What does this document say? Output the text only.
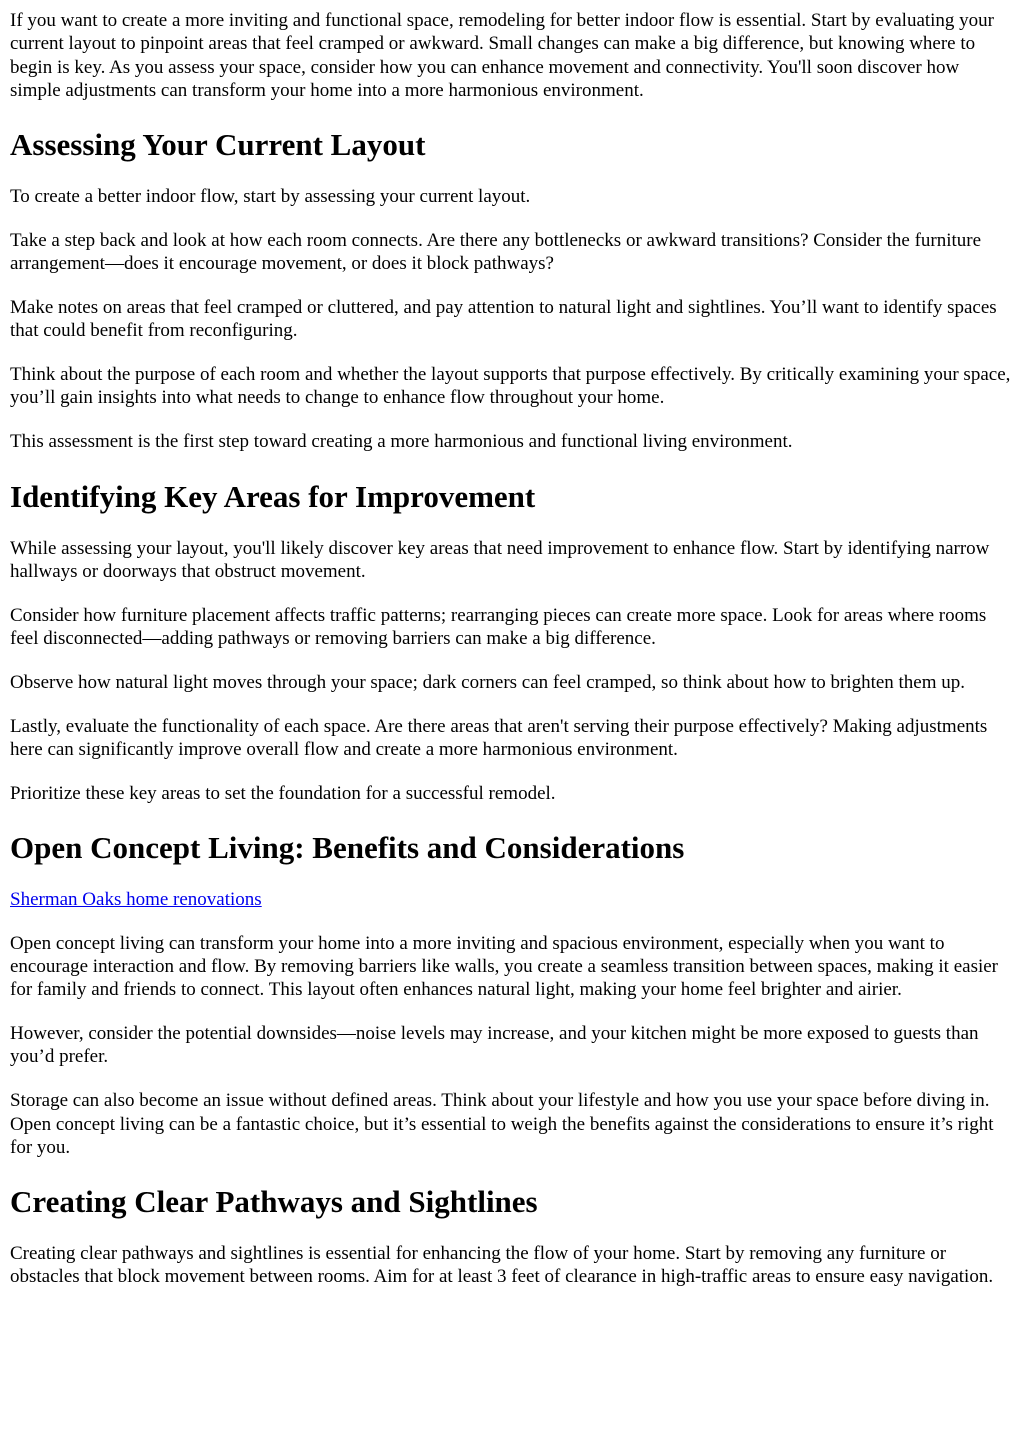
If you want to create a more inviting and functional space, remodeling for better indoor flow is essential. Start by evaluating your current layout to pinpoint areas that feel cramped or awkward. Small changes can make a big difference, but knowing where to begin is key. As you assess your space, consider how you can enhance movement and connectivity. You'll soon discover how simple adjustments can transform your home into a more harmonious environment.

Assessing Your Current Layout

To create a better indoor flow, start by assessing your current layout.

Take a step back and look at how each room connects. Are there any bottlenecks or awkward transitions? Consider the furniture arrangement—does it encourage movement, or does it block pathways?

Make notes on areas that feel cramped or cluttered, and pay attention to natural light and sightlines. You’ll want to identify spaces that could benefit from reconfiguring.

Think about the purpose of each room and whether the layout supports that purpose effectively. By critically examining your space, you’ll gain insights into what needs to change to enhance flow throughout your home.

This assessment is the first step toward creating a more harmonious and functional living environment.

Identifying Key Areas for Improvement

While assessing your layout, you'll likely discover key areas that need improvement to enhance flow. Start by identifying narrow hallways or doorways that obstruct movement.

Consider how furniture placement affects traffic patterns; rearranging pieces can create more space. Look for areas where rooms feel disconnected—adding pathways or removing barriers can make a big difference.

Observe how natural light moves through your space; dark corners can feel cramped, so think about how to brighten them up.

Lastly, evaluate the functionality of each space. Are there areas that aren't serving their purpose effectively? Making adjustments here can significantly improve overall flow and create a more harmonious environment.

Prioritize these key areas to set the foundation for a successful remodel.

Open Concept Living: Benefits and Considerations

Sherman Oaks home renovations

Open concept living can transform your home into a more inviting and spacious environment, especially when you want to encourage interaction and flow. By removing barriers like walls, you create a seamless transition between spaces, making it easier for family and friends to connect. This layout often enhances natural light, making your home feel brighter and airier.

However, consider the potential downsides—noise levels may increase, and your kitchen might be more exposed to guests than you’d prefer.

Storage can also become an issue without defined areas. Think about your lifestyle and how you use your space before diving in. Open concept living can be a fantastic choice, but it’s essential to weigh the benefits against the considerations to ensure it’s right for you.

Creating Clear Pathways and Sightlines

Creating clear pathways and sightlines is essential for enhancing the flow of your home. Start by removing any furniture or obstacles that block movement between rooms. Aim for at least 3 feet of clearance in high-traffic areas to ensure easy navigation.
